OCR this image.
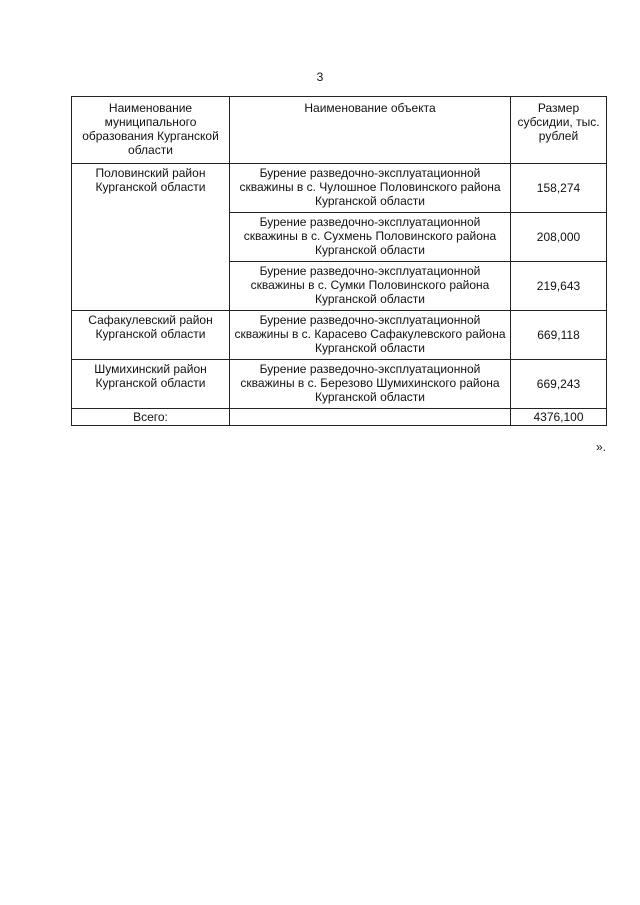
3
Наименование муниципального образования Курганской области	Наименование объекта	Размер субсидии, тыс. рублей
Половинский район Курганской области	Бурение разведочно-эксплуатационной скважины в с. Чулошное Половинского района Курганской области	158,274
	Бурение разведочно-эксплуатационной скважины в с. Сухмень Половинского района Курганской области	208,000
	Бурение разведочно-эксплуатационной скважины в с. Сумки Половинского района Курганской области	219,643
Сафакулевский район Курганской области	Бурение разведочно-эксплуатационной скважины в с. Карасево Сафакулевского района Курганской области	669,118
Шумихинский район Курганской области	Бурение разведочно-эксплуатационной скважины в с. Березово Шумихинского района Курганской области	669,243
Всего:		4376,100
».
